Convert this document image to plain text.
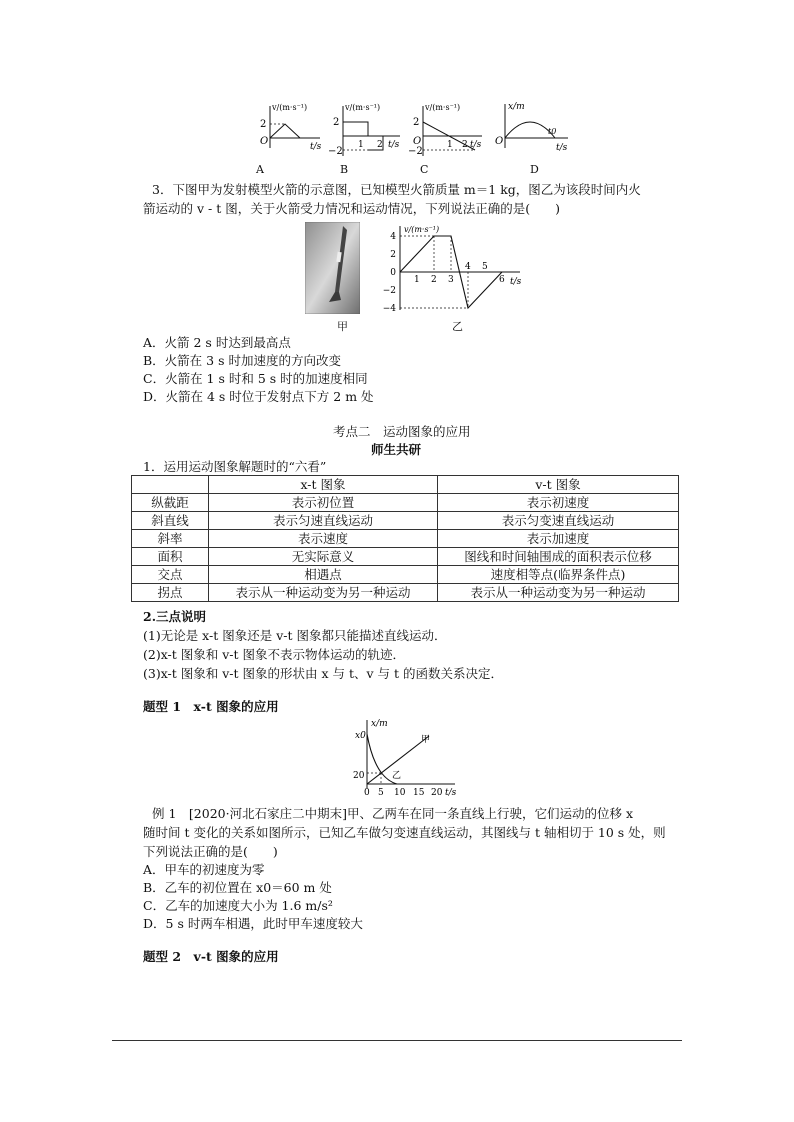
v/(m·s⁻¹)
2
O	t/s
v/(m·s⁻¹)
2
−2
1 2 t/s
v/(m·s⁻¹)
2
−2
O	1 2 t/s
x/m
O
t0
t/s
A	B	C	D
3．下图甲为发射模型火箭的示意图，已知模型火箭质量 m＝1 kg，图乙为该段时间内火
箭运动的 v - t 图，关于火箭受力情况和运动情况，下列说法正确的是(　　)
甲
4
2
0
−2
−4
1 2 3
4 5
6
v/(m·s⁻¹)
t/s
乙
A．火箭 2 s 时达到最高点
B．火箭在 3 s 时加速度的方向改变
C．火箭在 1 s 时和 5 s 时的加速度相同
D．火箭在 4 s 时位于发射点下方 2 m 处
考点二　运动图象的应用
师生共研
1．运用运动图象解题时的“六看”
	x-t 图象	v-t 图象
纵截距	表示初位置	表示初速度
斜直线	表示匀速直线运动	表示匀变速直线运动
斜率	表示速度	表示加速度
面积	无实际意义	图线和时间轴围成的面积表示位移
交点	相遇点	速度相等点(临界条件点)
拐点	表示从一种运动变为另一种运动	表示从一种运动变为另一种运动
2.三点说明
(1)无论是 x-t 图象还是 v-t 图象都只能描述直线运动．
(2)x-t 图象和 v-t 图象不表示物体运动的轨迹．
(3)x-t 图象和 v-t 图象的形状由 x 与 t、v 与 t 的函数关系决定．
题型 1　x-t 图象的应用
x/m
x0
20
甲
乙
0 5 10 15 20 t/s
例 1　[2020·河北石家庄二中期末]甲、乙两车在同一条直线上行驶，它们运动的位移 x
随时间 t 变化的关系如图所示，已知乙车做匀变速直线运动，其图线与 t 轴相切于 10 s 处，则
下列说法正确的是(　　)
A．甲车的初速度为零
B．乙车的初位置在 x0＝60 m 处
C．乙车的加速度大小为 1.6 m/s²
D．5 s 时两车相遇，此时甲车速度较大
题型 2　v-t 图象的应用
